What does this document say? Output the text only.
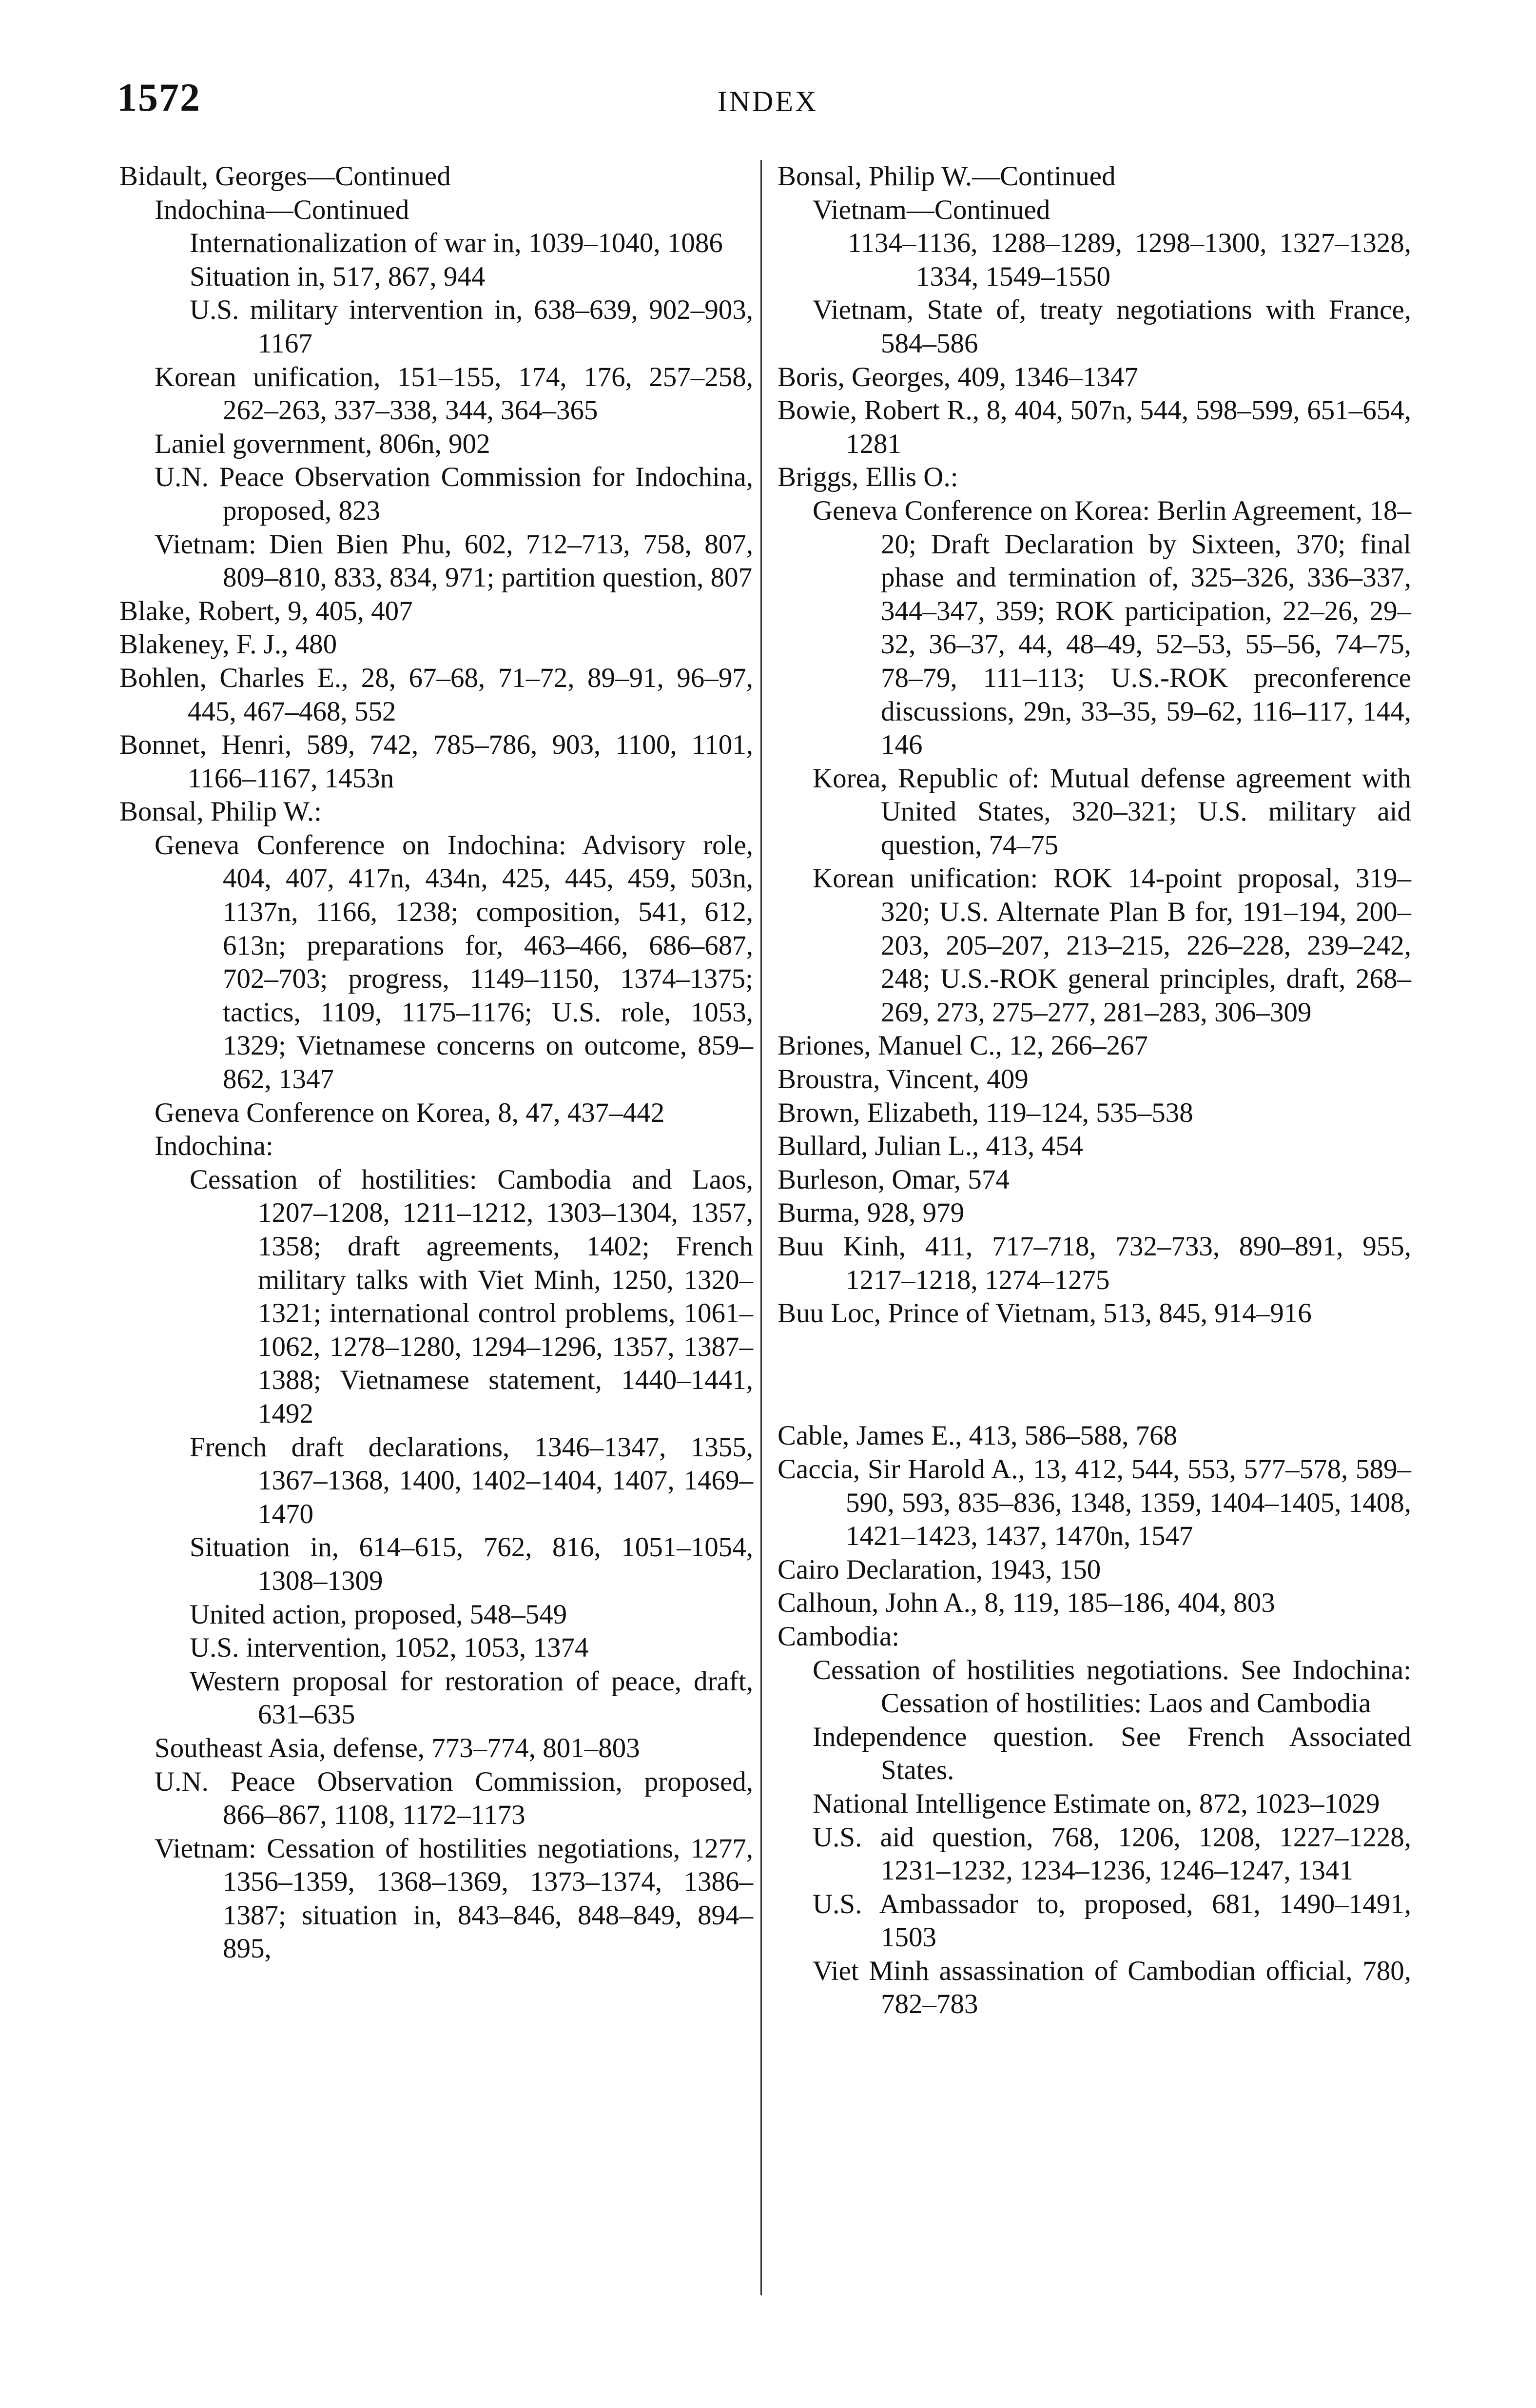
1572	INDEX

Bidault, Georges—Continued

Indochina—Continued

Internationalization of war in, 1039–1040, 1086

Situation in, 517, 867, 944

U.S. military intervention in, 638–639, 902–903, 1167

Korean unification, 151–155, 174, 176, 257–258, 262–263, 337–338, 344, 364–365

Laniel government, 806n, 902

U.N. Peace Observation Commission for Indochina, proposed, 823

Vietnam: Dien Bien Phu, 602, 712–713, 758, 807, 809–810, 833, 834, 971; partition question, 807

Blake, Robert, 9, 405, 407

Blakeney, F. J., 480

Bohlen, Charles E., 28, 67–68, 71–72, 89–91, 96–97, 445, 467–468, 552

Bonnet, Henri, 589, 742, 785–786, 903, 1100, 1101, 1166–1167, 1453n

Bonsal, Philip W.:

Geneva Conference on Indochina: Advisory role, 404, 407, 417n, 434n, 425, 445, 459, 503n, 1137n, 1166, 1238; composition, 541, 612, 613n; preparations for, 463–466, 686–687, 702–703; progress, 1149–1150, 1374–1375; tactics, 1109, 1175–1176; U.S. role, 1053, 1329; Vietnamese concerns on outcome, 859–862, 1347

Geneva Conference on Korea, 8, 47, 437–442

Indochina:

Cessation of hostilities: Cambodia and Laos, 1207–1208, 1211–1212, 1303–1304, 1357, 1358; draft agreements, 1402; French military talks with Viet Minh, 1250, 1320–1321; international control problems, 1061–1062, 1278–1280, 1294–1296, 1357, 1387–1388; Vietnamese statement, 1440–1441, 1492

French draft declarations, 1346–1347, 1355, 1367–1368, 1400, 1402–1404, 1407, 1469–1470

Situation in, 614–615, 762, 816, 1051–1054, 1308–1309

United action, proposed, 548–549

U.S. intervention, 1052, 1053, 1374

Western proposal for restoration of peace, draft, 631–635

Southeast Asia, defense, 773–774, 801–803

U.N. Peace Observation Commission, proposed, 866–867, 1108, 1172–1173

Vietnam: Cessation of hostilities negotiations, 1277, 1356–1359, 1368–1369, 1373–1374, 1386–1387; situation in, 843–846, 848–849, 894–895,

Bonsal, Philip W.—Continued

Vietnam—Continued

1134–1136, 1288–1289, 1298–1300, 1327–1328, 1334, 1549–1550

Vietnam, State of, treaty negotiations with France, 584–586

Boris, Georges, 409, 1346–1347

Bowie, Robert R., 8, 404, 507n, 544, 598–599, 651–654, 1281

Briggs, Ellis O.:

Geneva Conference on Korea: Berlin Agreement, 18–20; Draft Declaration by Sixteen, 370; final phase and termination of, 325–326, 336–337, 344–347, 359; ROK participation, 22–26, 29–32, 36–37, 44, 48–49, 52–53, 55–56, 74–75, 78–79, 111–113; U.S.-ROK preconference discussions, 29n, 33–35, 59–62, 116–117, 144, 146

Korea, Republic of: Mutual defense agreement with United States, 320–321; U.S. military aid question, 74–75

Korean unification: ROK 14-point proposal, 319–320; U.S. Alternate Plan B for, 191–194, 200–203, 205–207, 213–215, 226–228, 239–242, 248; U.S.-ROK general principles, draft, 268–269, 273, 275–277, 281–283, 306–309

Briones, Manuel C., 12, 266–267

Broustra, Vincent, 409

Brown, Elizabeth, 119–124, 535–538

Bullard, Julian L., 413, 454

Burleson, Omar, 574

Burma, 928, 979

Buu Kinh, 411, 717–718, 732–733, 890–891, 955, 1217–1218, 1274–1275

Buu Loc, Prince of Vietnam, 513, 845, 914–916

Cable, James E., 413, 586–588, 768

Caccia, Sir Harold A., 13, 412, 544, 553, 577–578, 589–590, 593, 835–836, 1348, 1359, 1404–1405, 1408, 1421–1423, 1437, 1470n, 1547

Cairo Declaration, 1943, 150

Calhoun, John A., 8, 119, 185–186, 404, 803

Cambodia:

Cessation of hostilities negotiations. See Indochina: Cessation of hostilities: Laos and Cambodia

Independence question. See French Associated States.

National Intelligence Estimate on, 872, 1023–1029

U.S. aid question, 768, 1206, 1208, 1227–1228, 1231–1232, 1234–1236, 1246–1247, 1341

U.S. Ambassador to, proposed, 681, 1490–1491, 1503

Viet Minh assassination of Cambodian official, 780, 782–783
